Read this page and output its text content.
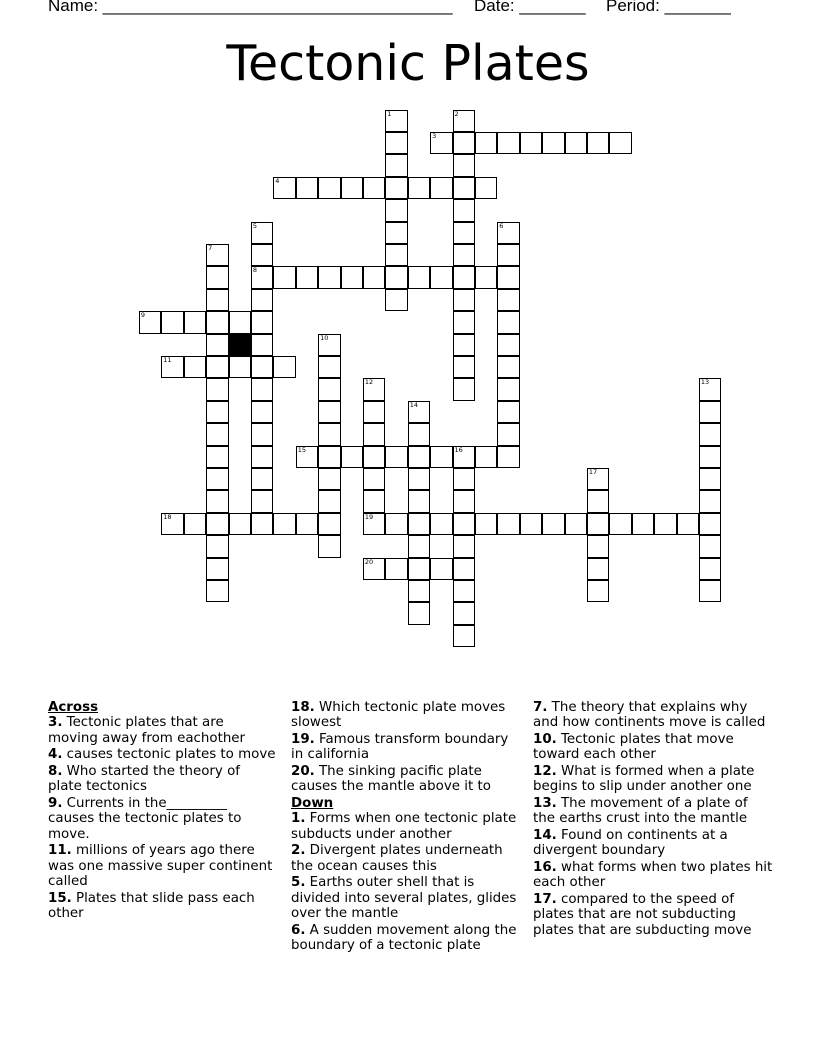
Name: _____________________________________ Date: _______ Period: _______
Tectonic Plates
1	2
3
4
5
8
6
7
9
10
11
12	13
14
15	16
17
18	19
20
Across
3. Tectonic plates that are moving away from eachother
4. causes tectonic plates to move
8. Who started the theory of plate tectonics
9. Currents in the_________ causes the tectonic plates to move.
11. millions of years ago there was one massive super continent called
15. Plates that slide pass each other
18. Which tectonic plate moves slowest
19. Famous transform boundary in california
20. The sinking pacific plate causes the mantle above it to
Down
1. Forms when one tectonic plate subducts under another
2. Divergent plates underneath the ocean causes this
5. Earths outer shell that is divided into several plates, glides over the mantle
6. A sudden movement along the boundary of a tectonic plate
7. The theory that explains why and how continents move is called
10. Tectonic plates that move toward each other
12. What is formed when a plate begins to slip under another one
13. The movement of a plate of the earths crust into the mantle
14. Found on continents at a divergent boundary
16. what forms when two plates hit each other
17. compared to the speed of plates that are not subducting plates that are subducting move
